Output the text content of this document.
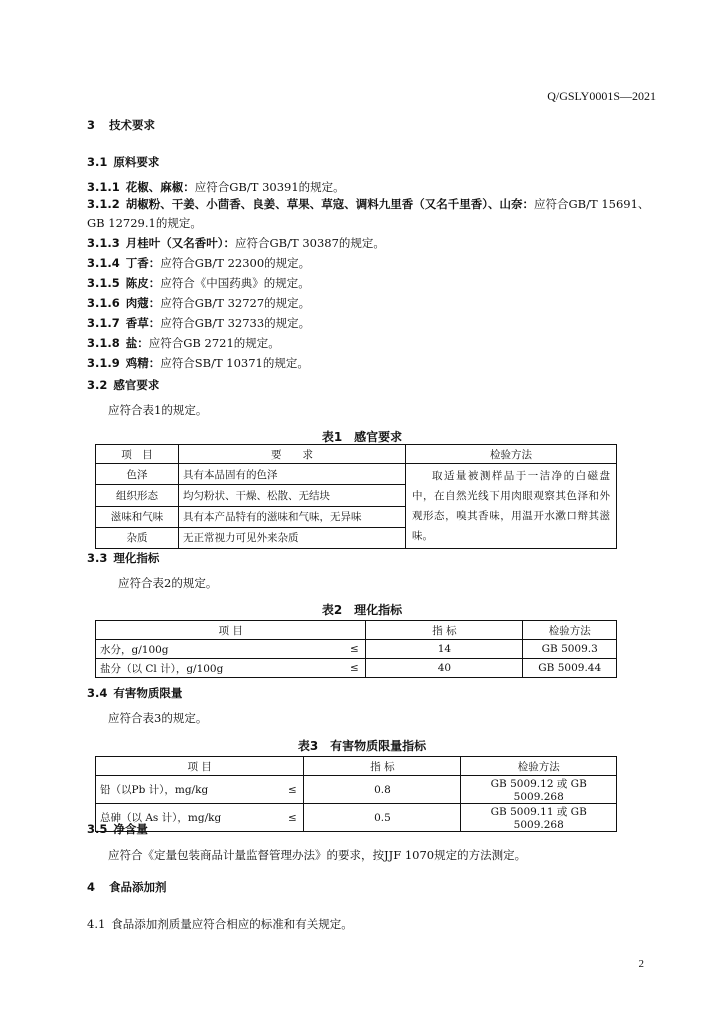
Q/GSLY0001S—2021
3 技术要求
3.1 原料要求
3.1.1 花椒、麻椒：应符合GB/T 30391的规定。
3.1.2 胡椒粉、干姜、小茴香、良姜、草果、草寇、调料九里香（又名千里香）、山奈：应符合GB/T 15691、GB 12729.1的规定。
3.1.3 月桂叶（又名香叶）：应符合GB/T 30387的规定。
3.1.4 丁香：应符合GB/T 22300的规定。
3.1.5 陈皮：应符合《中国药典》的规定。
3.1.6 肉蔻：应符合GB/T 32727的规定。
3.1.7 香草：应符合GB/T 32733的规定。
3.1.8 盐：应符合GB 2721的规定。
3.1.9 鸡精：应符合SB/T 10371的规定。
3.2 感官要求
应符合表1的规定。
表1　感官要求
项　目	要　　求	检验方法
色泽	具有本品固有的色泽	取适量被测样品于一洁净的白磁盘中，在自然光线下用肉眼观察其色泽和外观形态，嗅其香味，用温开水漱口辩其滋味。
组织形态	均匀粉状、干燥、松散、无结块	
滋味和气味	具有本产品特有的滋味和气味，无异味	
杂质	无正常视力可见外来杂质	
3.3 理化指标
应符合表2的规定。
表2　理化指标
项 目		指 标	检验方法
水分，g/100g	≤	14	GB 5009.3
盐分（以 Cl 计），g/100g	≤	40	GB 5009.44
3.4 有害物质限量
应符合表3的规定。
表3　有害物质限量指标
项 目		指 标	检验方法
铅（以Pb 计），mg/kg	≤	0.8	GB 5009.12 或 GB 5009.268
总砷（以 As 计），mg/kg	≤	0.5	GB 5009.11 或 GB 5009.268
3.5 净含量
应符合《定量包装商品计量监督管理办法》的要求，按JJF 1070规定的方法测定。
4 食品添加剂
4.1 食品添加剂质量应符合相应的标准和有关规定。
2
